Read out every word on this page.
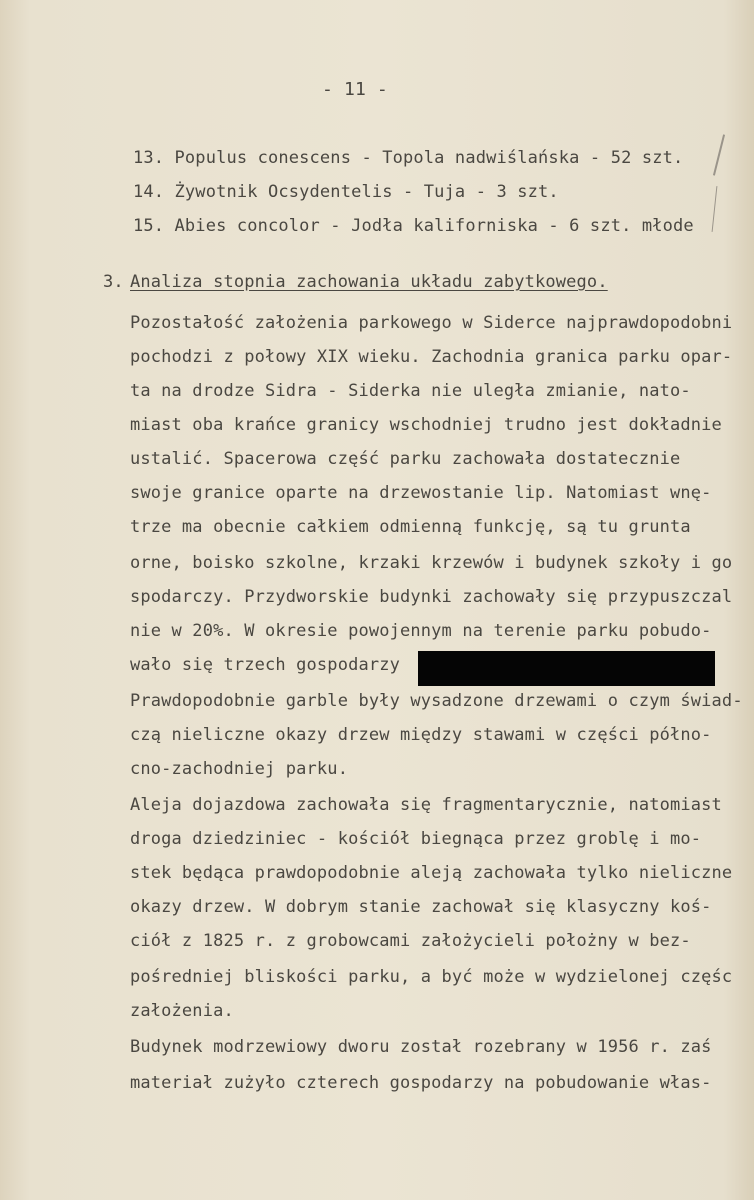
- 11 -
13. Populus conescens - Topola nadwiślańska - 52 szt.
14. Żywotnik Ocsydentelis - Tuja - 3 szt.
15. Abies concolor - Jodła kaliforniska - 6 szt. młode
3. Analiza stopnia zachowania układu zabytkowego.
Pozostałość założenia parkowego w Siderce najprawdopodobni
pochodzi z połowy XIX wieku. Zachodnia granica parku opar-
ta na drodze Sidra - Siderka nie uległa zmianie, nato-
miast oba krańce granicy wschodniej trudno jest dokładnie
ustalić. Spacerowa część parku zachowała dostatecznie
swoje granice oparte na drzewostanie lip. Natomiast wnę-
trze ma obecnie całkiem odmienną funkcję, są tu grunta
orne, boisko szkolne, krzaki krzewów i budynek szkoły i go
spodarczy. Przydworskie budynki zachowały się przypuszczal
nie w 20%. W okresie powojennym na terenie parku pobudo-
wało się trzech gospodarzy
Prawdopodobnie garble były wysadzone drzewami o czym świad-
czą nieliczne okazy drzew między stawami w części półno-
cno-zachodniej parku.
Aleja dojazdowa zachowała się fragmentarycznie, natomiast
droga dziedziniec - kościół biegnąca przez groblę i mo-
stek będąca prawdopodobnie aleją zachowała tylko nieliczne
okazy drzew. W dobrym stanie zachował się klasyczny koś-
ciół z 1825 r. z grobowcami założycieli położny w bez-
pośredniej bliskości parku, a być może w wydzielonej częśc
założenia.
Budynek modrzewiowy dworu został rozebrany w 1956 r. zaś
materiał zużyło czterech gospodarzy na pobudowanie włas-
